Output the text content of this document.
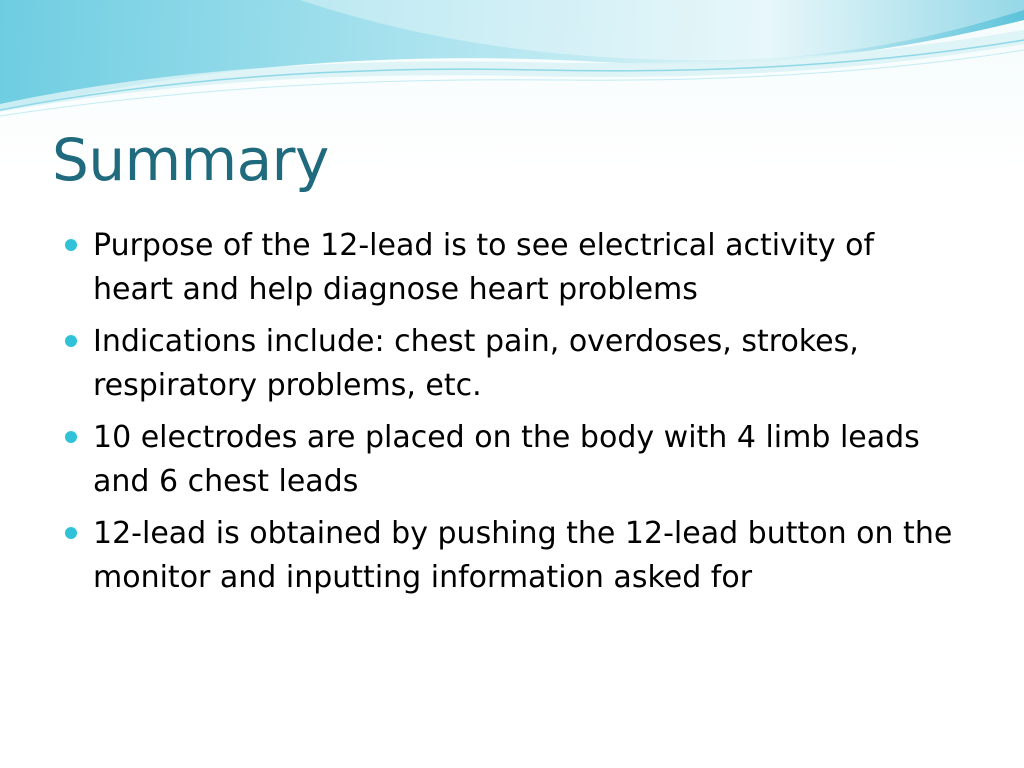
Summary
Purpose of the 12-lead is to see electrical activity of heart and help diagnose heart problems
Indications include: chest pain, overdoses, strokes, respiratory problems, etc.
10 electrodes are placed on the body with 4 limb leads and 6 chest leads
12-lead is obtained by pushing the 12-lead button on the monitor and inputting information asked for
